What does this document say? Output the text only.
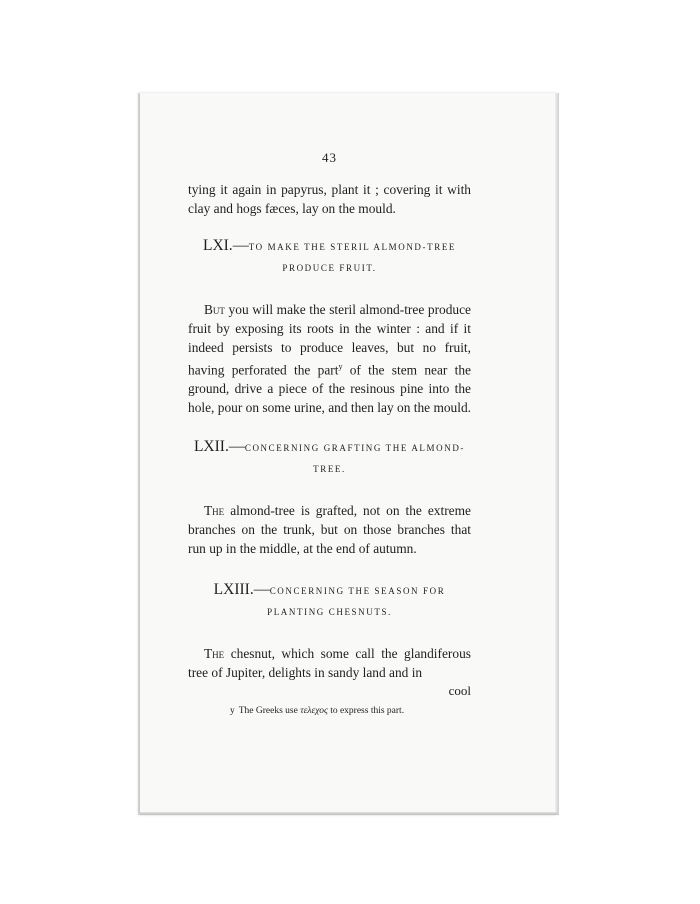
43

tying it again in papyrus, plant it ; covering it with clay and hogs fæces, lay on the mould.

LXI.—TO MAKE THE STERIL ALMOND-TREE PRODUCE FRUIT.

But you will make the steril almond-tree produce fruit by exposing its roots in the winter : and if it indeed persists to produce leaves, but no fruit, having perforated the part$^y$ of the stem near the ground, drive a piece of the resinous pine into the hole, pour on some urine, and then lay on the mould.

LXII.—CONCERNING GRAFTING THE ALMOND-TREE.

The almond-tree is grafted, not on the extreme branches on the trunk, but on those branches that run up in the middle, at the end of autumn.

LXIII.—CONCERNING THE SEASON FOR PLANTING CHESNUTS.

The chesnut, which some call the glandiferous tree of Jupiter, delights in sandy land and in

cool
y The Greeks use τελεχος to express this part.
